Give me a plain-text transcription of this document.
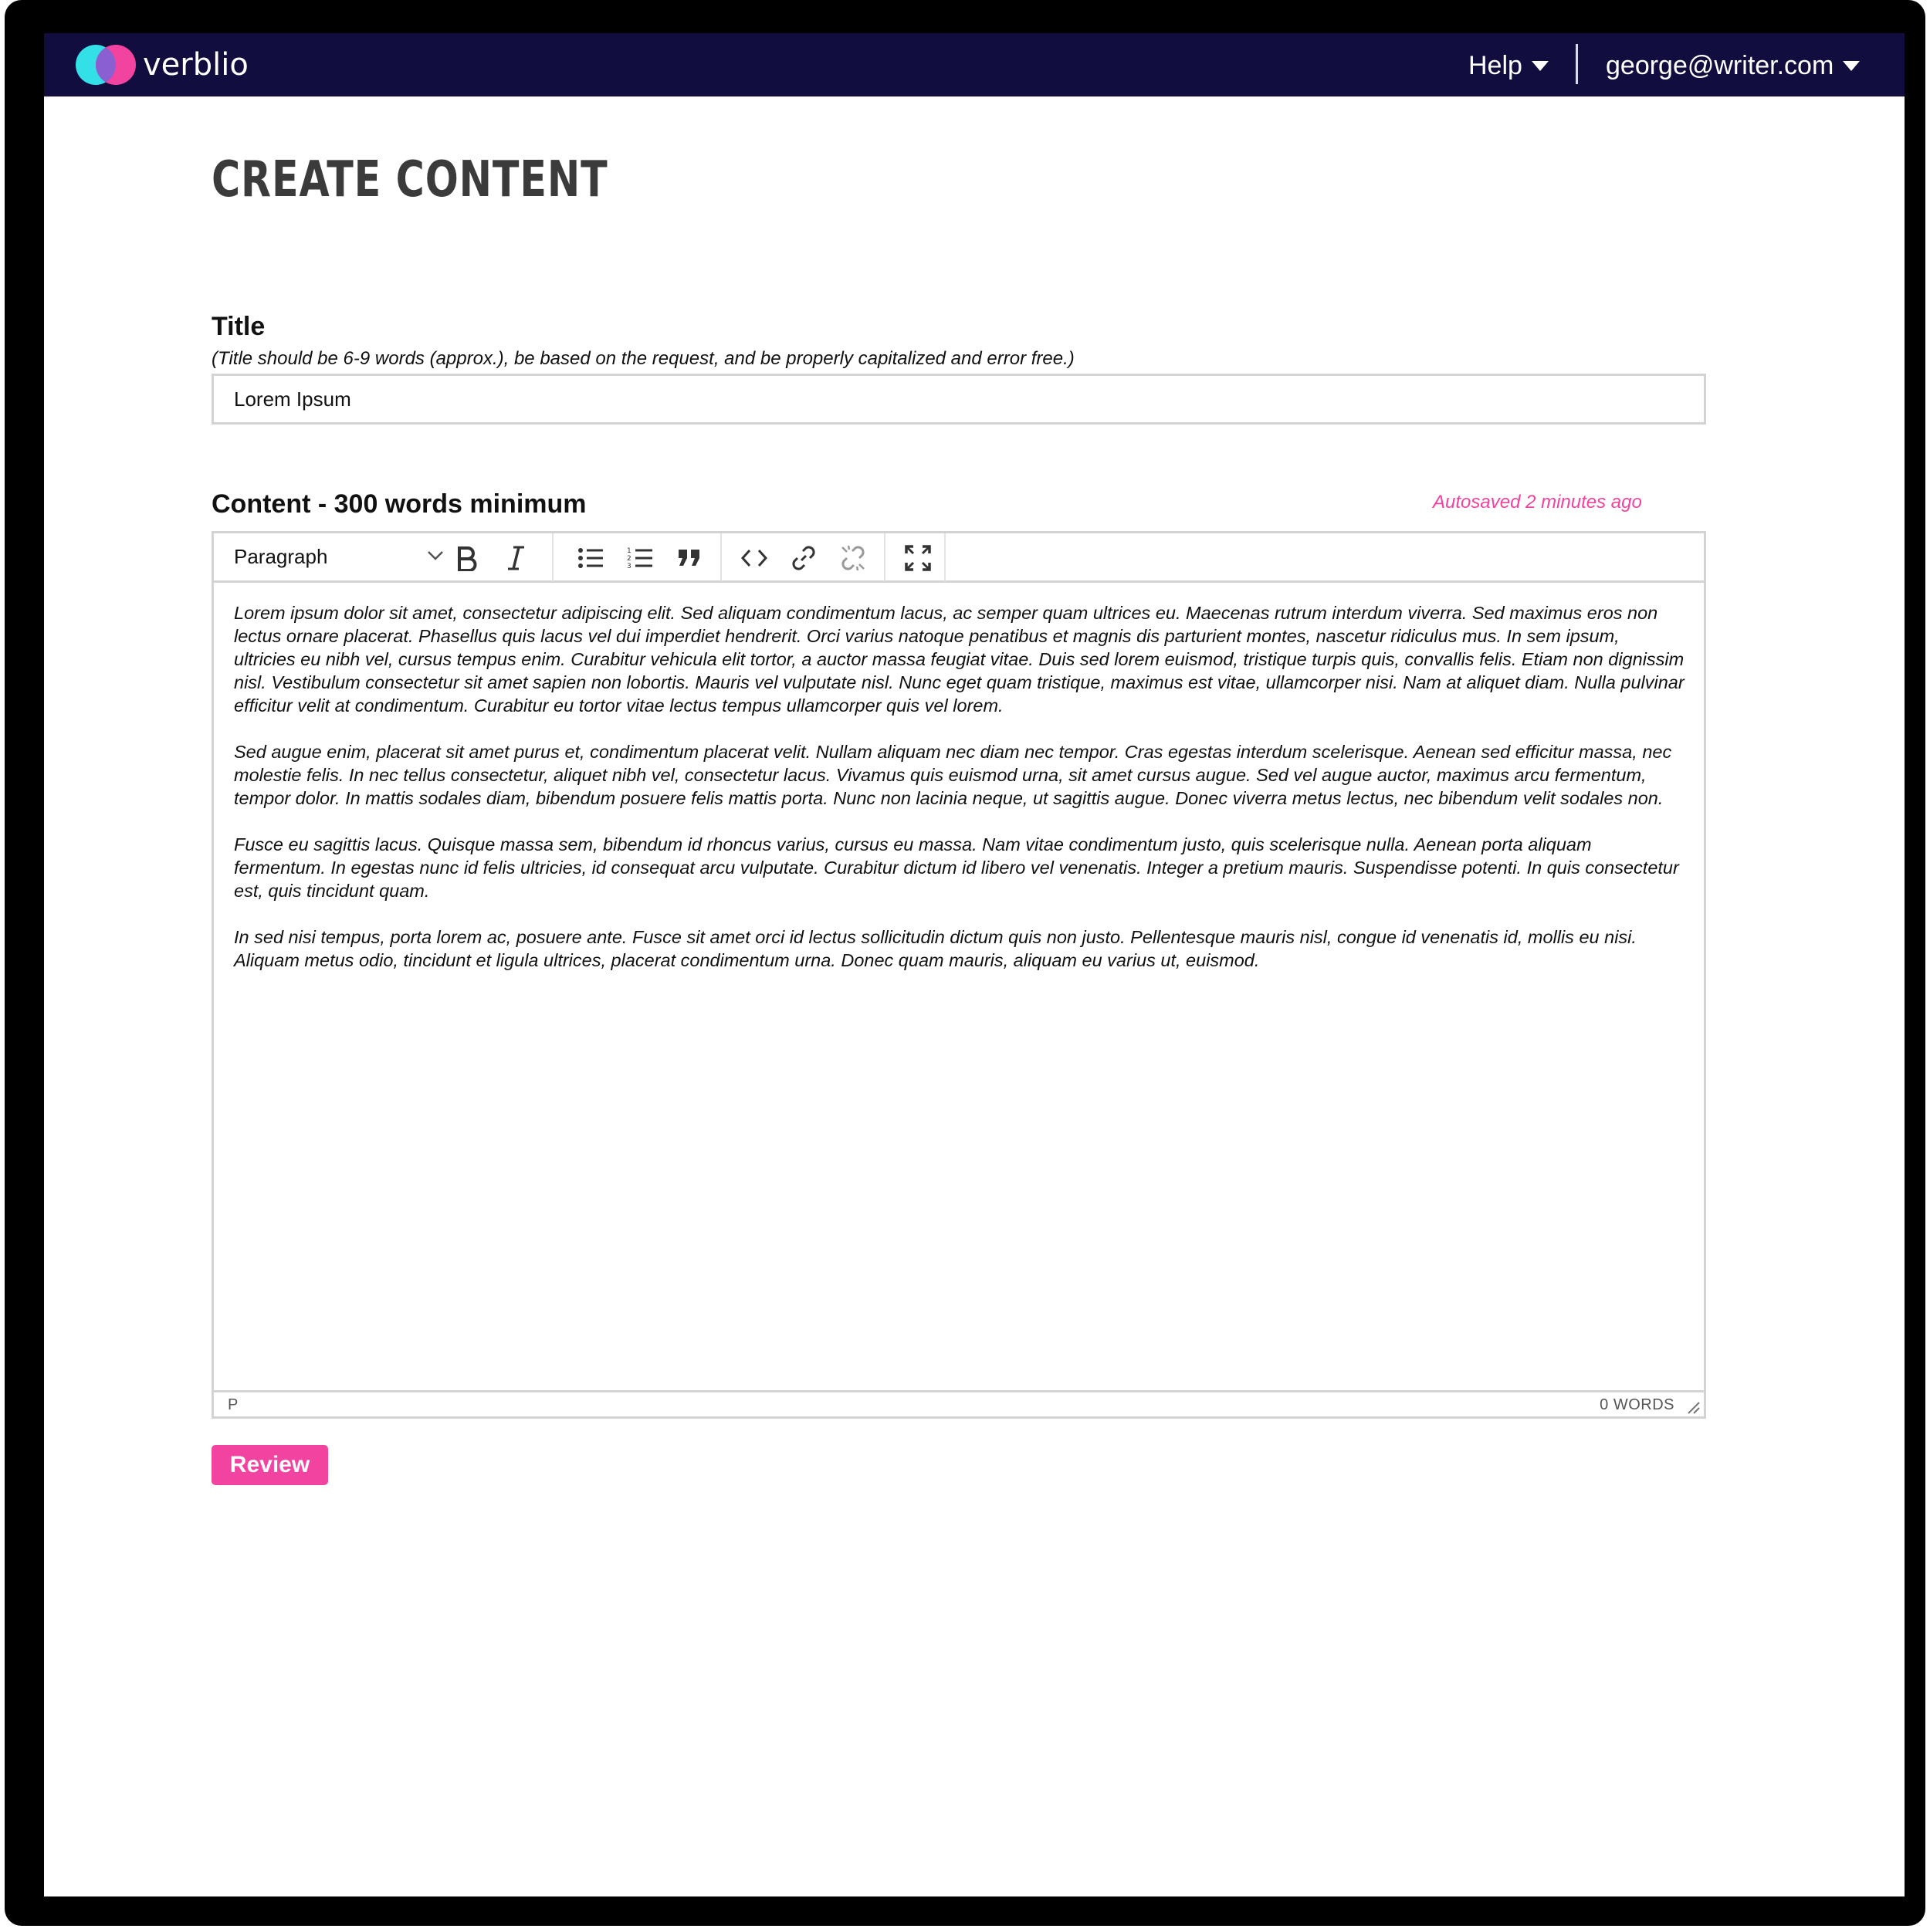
verblio	Help	george@writer.com
CREATE CONTENT
Title
(Title should be 6-9 words (approx.), be based on the request, and be properly capitalized and error free.)
Lorem Ipsum
Content - 300 words minimum	Autosaved 2 minutes ago
Paragraph	1
2
3

Lorem ipsum dolor sit amet, consectetur adipiscing elit. Sed aliquam condimentum lacus, ac semper quam ultrices eu. Maecenas rutrum interdum viverra. Sed maximus eros non lectus ornare placerat. Phasellus quis lacus vel dui imperdiet hendrerit. Orci varius natoque penatibus et magnis dis parturient montes, nascetur ridiculus mus. In sem ipsum, ultricies eu nibh vel, cursus tempus enim. Curabitur vehicula elit tortor, a auctor massa feugiat vitae. Duis sed lorem euismod, tristique turpis quis, convallis felis. Etiam non dignissim nisl. Vestibulum consectetur sit amet sapien non lobortis. Mauris vel vulputate nisl. Nunc eget quam tristique, maximus est vitae, ullamcorper nisi. Nam at aliquet diam. Nulla pulvinar efficitur velit at condimentum. Curabitur eu tortor vitae lectus tempus ullamcorper quis vel lorem.

Sed augue enim, placerat sit amet purus et, condimentum placerat velit. Nullam aliquam nec diam nec tempor. Cras egestas interdum scelerisque. Aenean sed efficitur massa, nec molestie felis. In nec tellus consectetur, aliquet nibh vel, consectetur lacus. Vivamus quis euismod urna, sit amet cursus augue. Sed vel augue auctor, maximus arcu fermentum, tempor dolor. In mattis sodales diam, bibendum posuere felis mattis porta. Nunc non lacinia neque, ut sagittis augue. Donec viverra metus lectus, nec bibendum velit sodales non.

Fusce eu sagittis lacus. Quisque massa sem, bibendum id rhoncus varius, cursus eu massa. Nam vitae condimentum justo, quis scelerisque nulla. Aenean porta aliquam fermentum. In egestas nunc id felis ultricies, id consequat arcu vulputate. Curabitur dictum id libero vel venenatis. Integer a pretium mauris. Suspendisse potenti. In quis consectetur est, quis tincidunt quam.

In sed nisi tempus, porta lorem ac, posuere ante. Fusce sit amet orci id lectus sollicitudin dictum quis non justo. Pellentesque mauris nisl, congue id venenatis id, mollis eu nisi. Aliquam metus odio, tincidunt et ligula ultrices, placerat condimentum urna. Donec quam mauris, aliquam eu varius ut, euismod.

P	0 WORDS
Review
